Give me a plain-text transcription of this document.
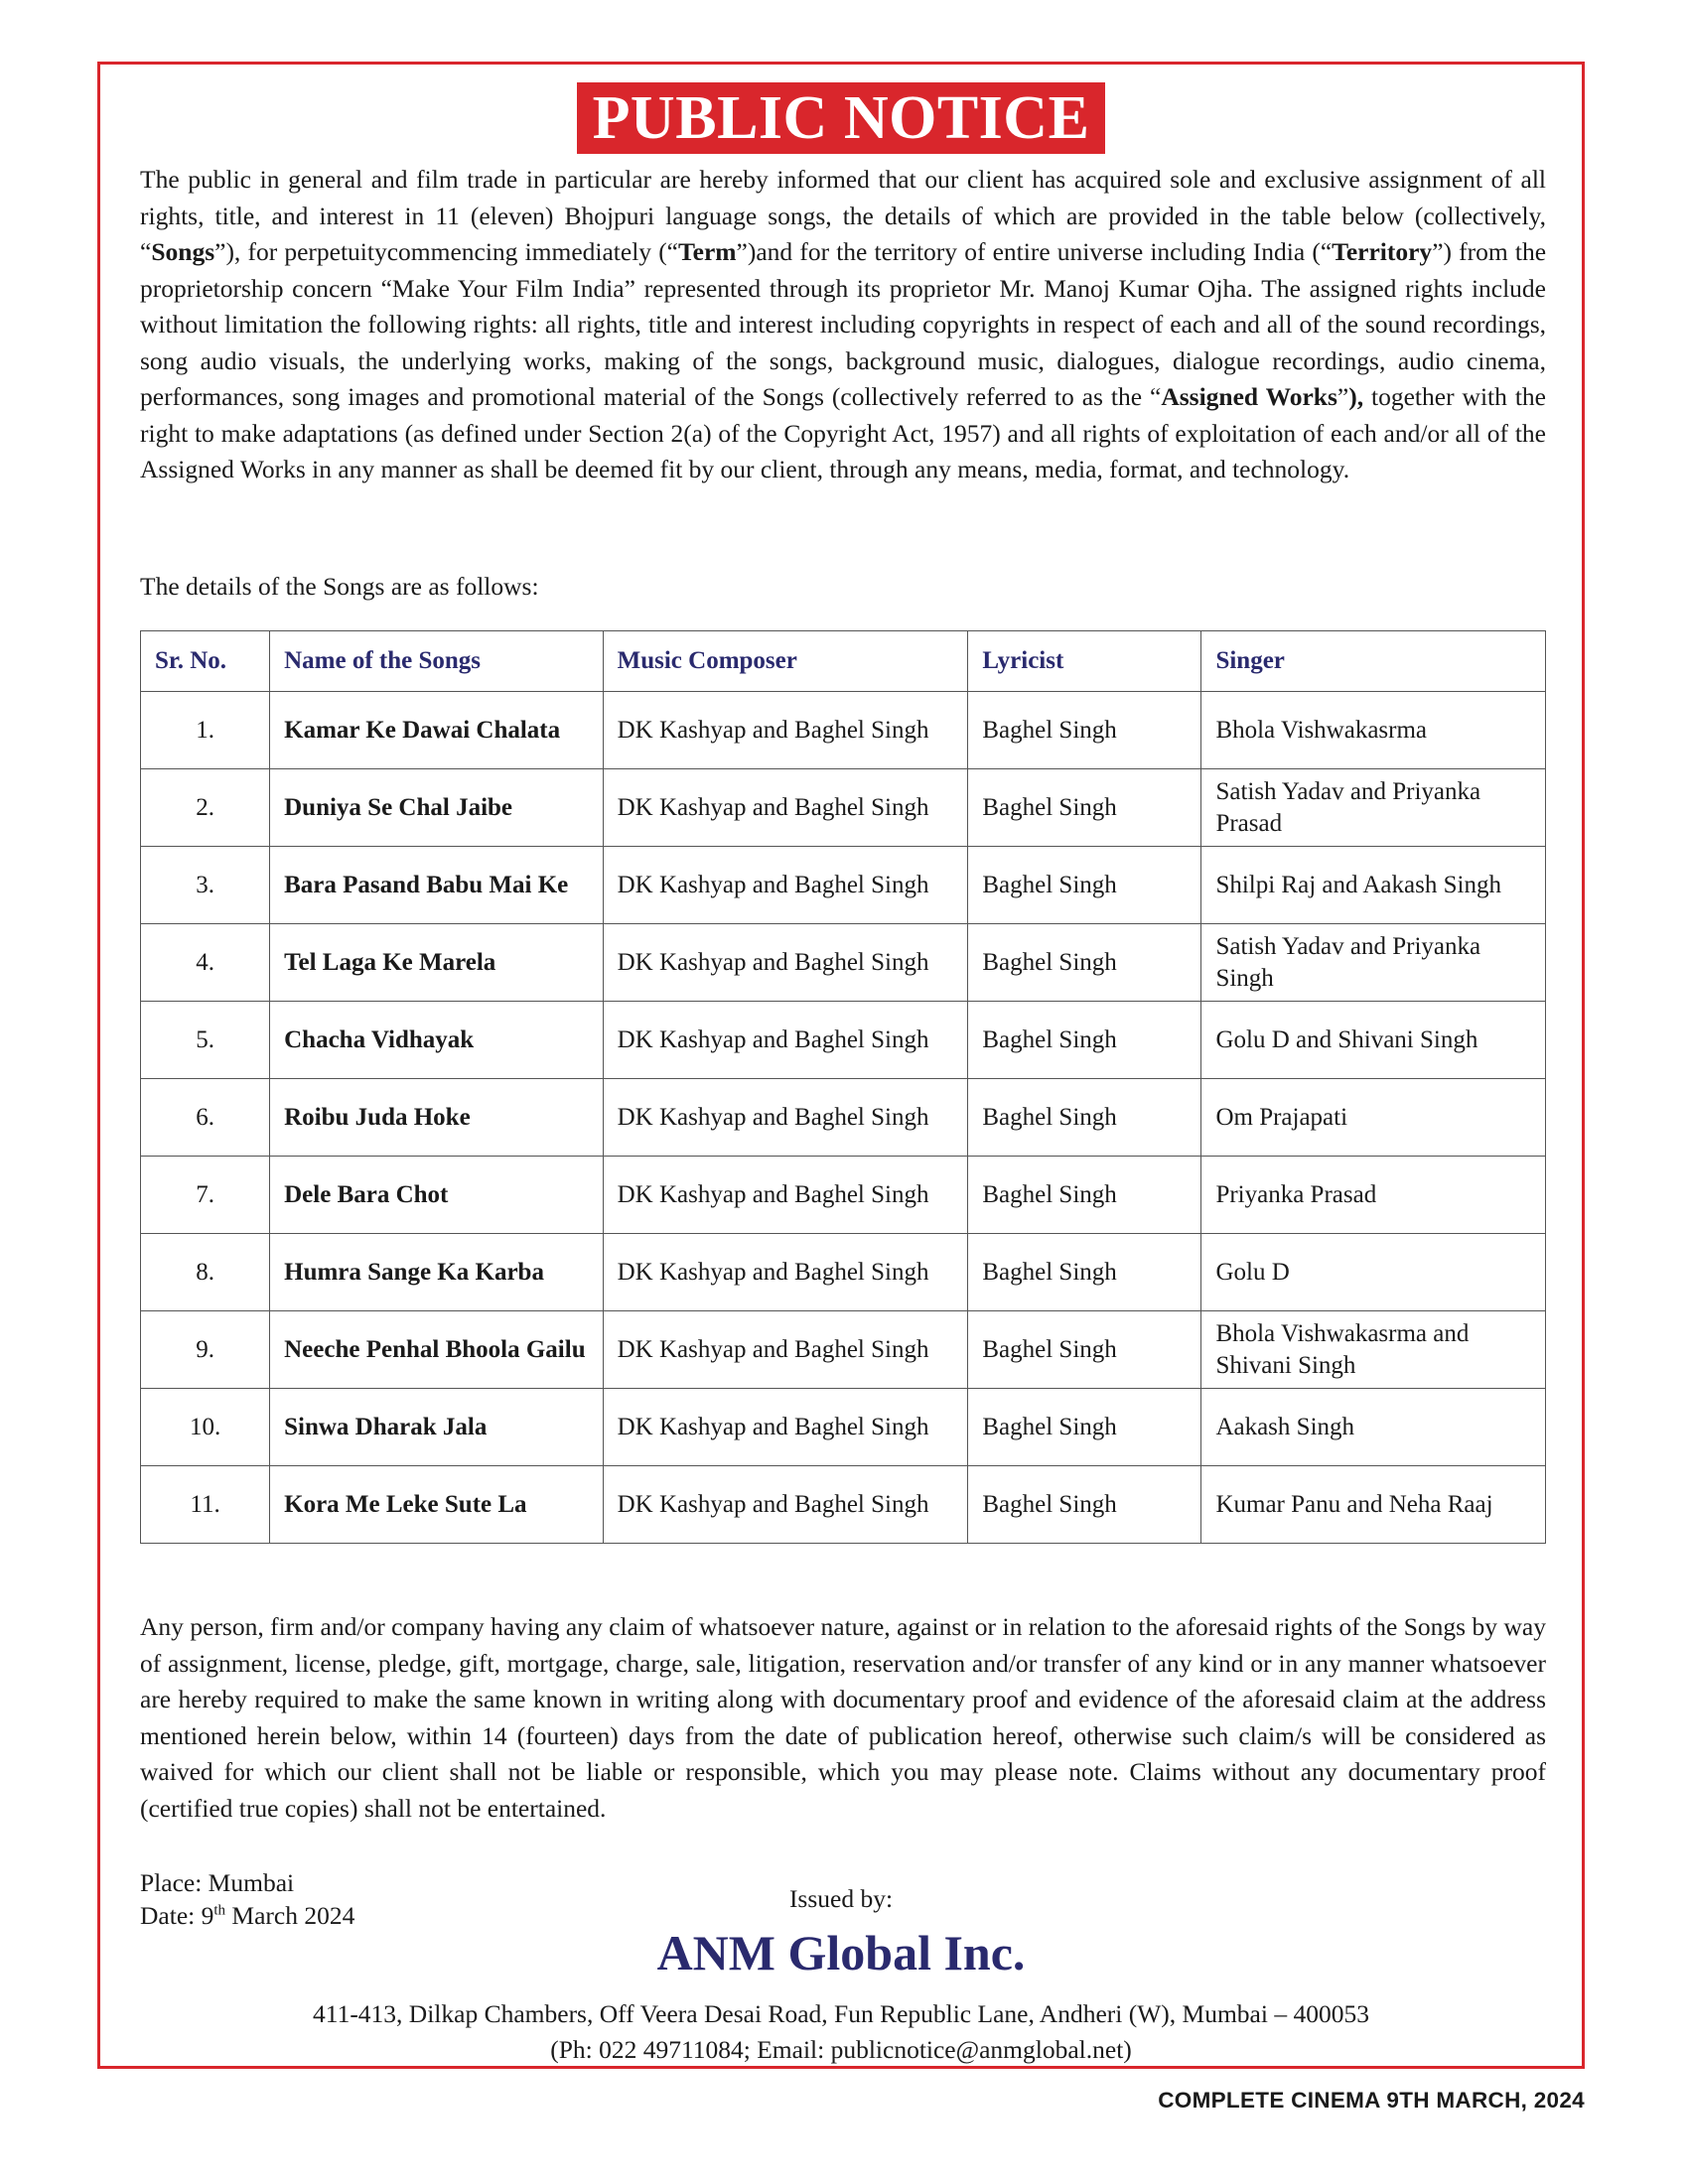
PUBLIC NOTICE

The public in general and film trade in particular are hereby informed that our client has acquired sole and exclusive assignment of all rights, title, and interest in 11 (eleven) Bhojpuri language songs, the details of which are provided in the table below (collectively, “Songs”), for perpetuitycommencing immediately (“Term”)and for the territory of entire universe including India (“Territory”) from the proprietorship concern “Make Your Film India” represented through its proprietor Mr. Manoj Kumar Ojha. The assigned rights include without limitation the following rights: all rights, title and interest including copyrights in respect of each and all of the sound recordings, song audio visuals, the underlying works, making of the songs, background music, dialogues, dialogue recordings, audio cinema, performances, song images and promotional material of the Songs (collectively referred to as the “Assigned Works”), together with the right to make adaptations (as defined under Section 2(a) of the Copyright Act, 1957) and all rights of exploitation of each and/or all of the Assigned Works in any manner as shall be deemed fit by our client, through any means, media, format, and technology.

The details of the Songs are as follows:

Sr. No.	Name of the Songs	Music Composer	Lyricist	Singer
1.	Kamar Ke Dawai Chalata	DK Kashyap and Baghel Singh	Baghel Singh	Bhola Vishwakasrma
2.	Duniya Se Chal Jaibe	DK Kashyap and Baghel Singh	Baghel Singh	Satish Yadav and Priyanka Prasad
3.	Bara Pasand Babu Mai Ke	DK Kashyap and Baghel Singh	Baghel Singh	Shilpi Raj and Aakash Singh
4.	Tel Laga Ke Marela	DK Kashyap and Baghel Singh	Baghel Singh	Satish Yadav and Priyanka Singh
5.	Chacha Vidhayak	DK Kashyap and Baghel Singh	Baghel Singh	Golu D and Shivani Singh
6.	Roibu Juda Hoke	DK Kashyap and Baghel Singh	Baghel Singh	Om Prajapati
7.	Dele Bara Chot	DK Kashyap and Baghel Singh	Baghel Singh	Priyanka Prasad
8.	Humra Sange Ka Karba	DK Kashyap and Baghel Singh	Baghel Singh	Golu D
9.	Neeche Penhal Bhoola Gailu	DK Kashyap and Baghel Singh	Baghel Singh	Bhola Vishwakasrma and Shivani Singh
10.	Sinwa Dharak Jala	DK Kashyap and Baghel Singh	Baghel Singh	Aakash Singh
11.	Kora Me Leke Sute La	DK Kashyap and Baghel Singh	Baghel Singh	Kumar Panu and Neha Raaj

Any person, firm and/or company having any claim of whatsoever nature, against or in relation to the aforesaid rights of the Songs by way of assignment, license, pledge, gift, mortgage, charge, sale, litigation, reservation and/or transfer of any kind or in any manner whatsoever are hereby required to make the same known in writing along with documentary proof and evidence of the aforesaid claim at the address mentioned herein below, within 14 (fourteen) days from the date of publication hereof, otherwise such claim/s will be considered as waived for which our client shall not be liable or responsible, which you may please note. Claims without any documentary proof (certified true copies) shall not be entertained.

Place: Mumbai
Date: 9th March 2024
Issued by:
ANM Global Inc.
411-413, Dilkap Chambers, Off Veera Desai Road, Fun Republic Lane, Andheri (W), Mumbai – 400053
(Ph: 022 49711084; Email: publicnotice@anmglobal.net)
COMPLETE CINEMA 9TH MARCH, 2024
